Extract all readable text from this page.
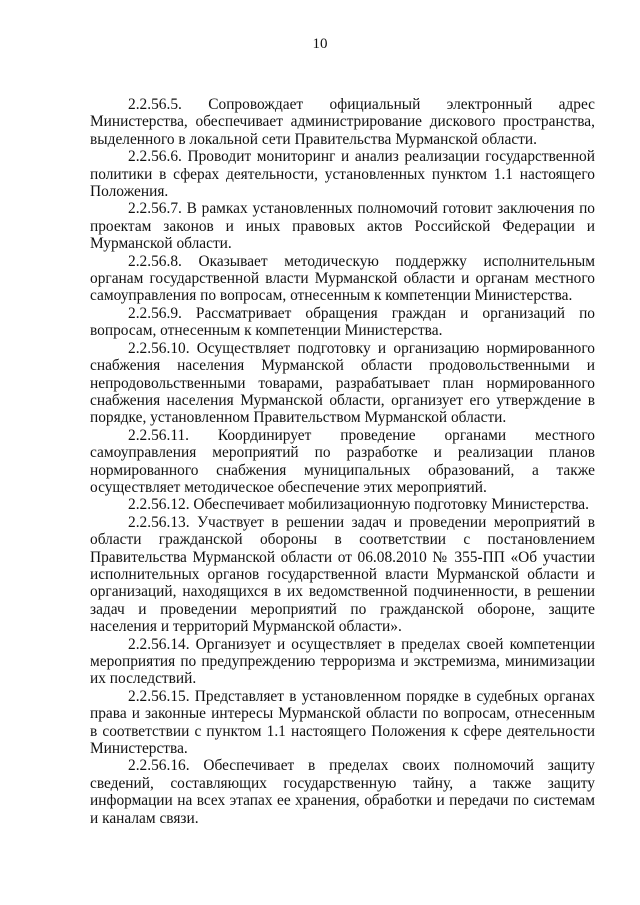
10

2.2.56.5. Сопровождает официальный электронный адрес Министерства, обеспечивает администрирование дискового пространства, выделенного в локальной сети Правительства Мурманской области.

2.2.56.6. Проводит мониторинг и анализ реализации государственной политики в сферах деятельности, установленных пунктом 1.1 настоящего Положения.

2.2.56.7. В рамках установленных полномочий готовит заключения по проектам законов и иных правовых актов Российской Федерации и Мурманской области.

2.2.56.8. Оказывает методическую поддержку исполнительным органам государственной власти Мурманской области и органам местного самоуправления по вопросам, отнесенным к компетенции Министерства.

2.2.56.9. Рассматривает обращения граждан и организаций по вопросам, отнесенным к компетенции Министерства.

2.2.56.10. Осуществляет подготовку и организацию нормированного снабжения населения Мурманской области продовольственными и непродовольственными товарами, разрабатывает план нормированного снабжения населения Мурманской области, организует его утверждение в порядке, установленном Правительством Мурманской области.

2.2.56.11. Координирует проведение органами местного самоуправления мероприятий по разработке и реализации планов нормированного снабжения муниципальных образований, а также осуществляет методическое обеспечение этих мероприятий.

2.2.56.12. Обеспечивает мобилизационную подготовку Министерства.

2.2.56.13. Участвует в решении задач и проведении мероприятий в области гражданской обороны в соответствии с постановлением Правительства Мурманской области от 06.08.2010 № 355-ПП «Об участии исполнительных органов государственной власти Мурманской области и организаций, находящихся в их ведомственной подчиненности, в решении задач и проведении мероприятий по гражданской обороне, защите населения и территорий Мурманской области».

2.2.56.14. Организует и осуществляет в пределах своей компетенции мероприятия по предупреждению терроризма и экстремизма, минимизации их последствий.

2.2.56.15. Представляет в установленном порядке в судебных органах права и законные интересы Мурманской области по вопросам, отнесенным в соответствии с пунктом 1.1 настоящего Положения к сфере деятельности Министерства.

2.2.56.16. Обеспечивает в пределах своих полномочий защиту сведений, составляющих государственную тайну, а также защиту информации на всех этапах ее хранения, обработки и передачи по системам и каналам связи.
